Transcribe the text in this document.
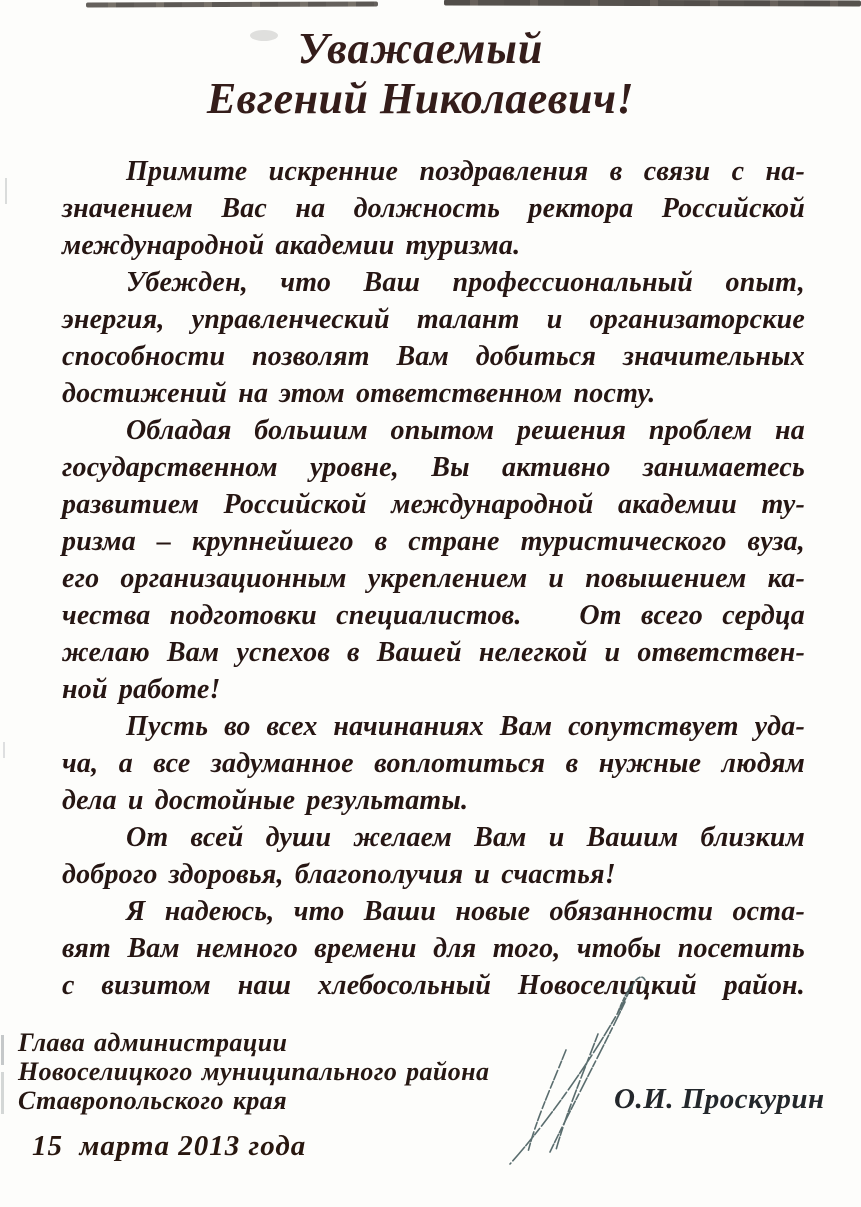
Уважаемый
Евгений Николаевич!
Примите искренние поздравления в связи с на-
значением Вас на должность ректора Российской
международной академии туризма.
Убежден, что Ваш профессиональный опыт,
энергия, управленческий талант и организаторские
способности позволят Вам добиться значительных
достижений на этом ответственном посту.
Обладая большим опытом решения проблем на
государственном уровне, Вы активно занимаетесь
развитием Российской международной академии ту-
ризма – крупнейшего в стране туристического вуза,
его организационным укреплением и повышением ка-
чества подготовки специалистов.   От всего сердца
желаю Вам успехов в Вашей нелегкой и ответствен-
ной работе!
Пусть во всех начинаниях Вам сопутствует уда-
ча, а все задуманное воплотиться в нужные людям
дела и достойные результаты.
От всей души желаем Вам и Вашим близким
доброго здоровья, благополучия и счастья!
Я надеюсь, что Ваши новые обязанности оста-
вят Вам немного времени для того, чтобы посетить
с визитом наш хлебосольный Новоселицкий район.
Глава администрации
Новоселицкого муниципального района
Ставропольского края
15  марта 2013 года
О.И. Проскурин
